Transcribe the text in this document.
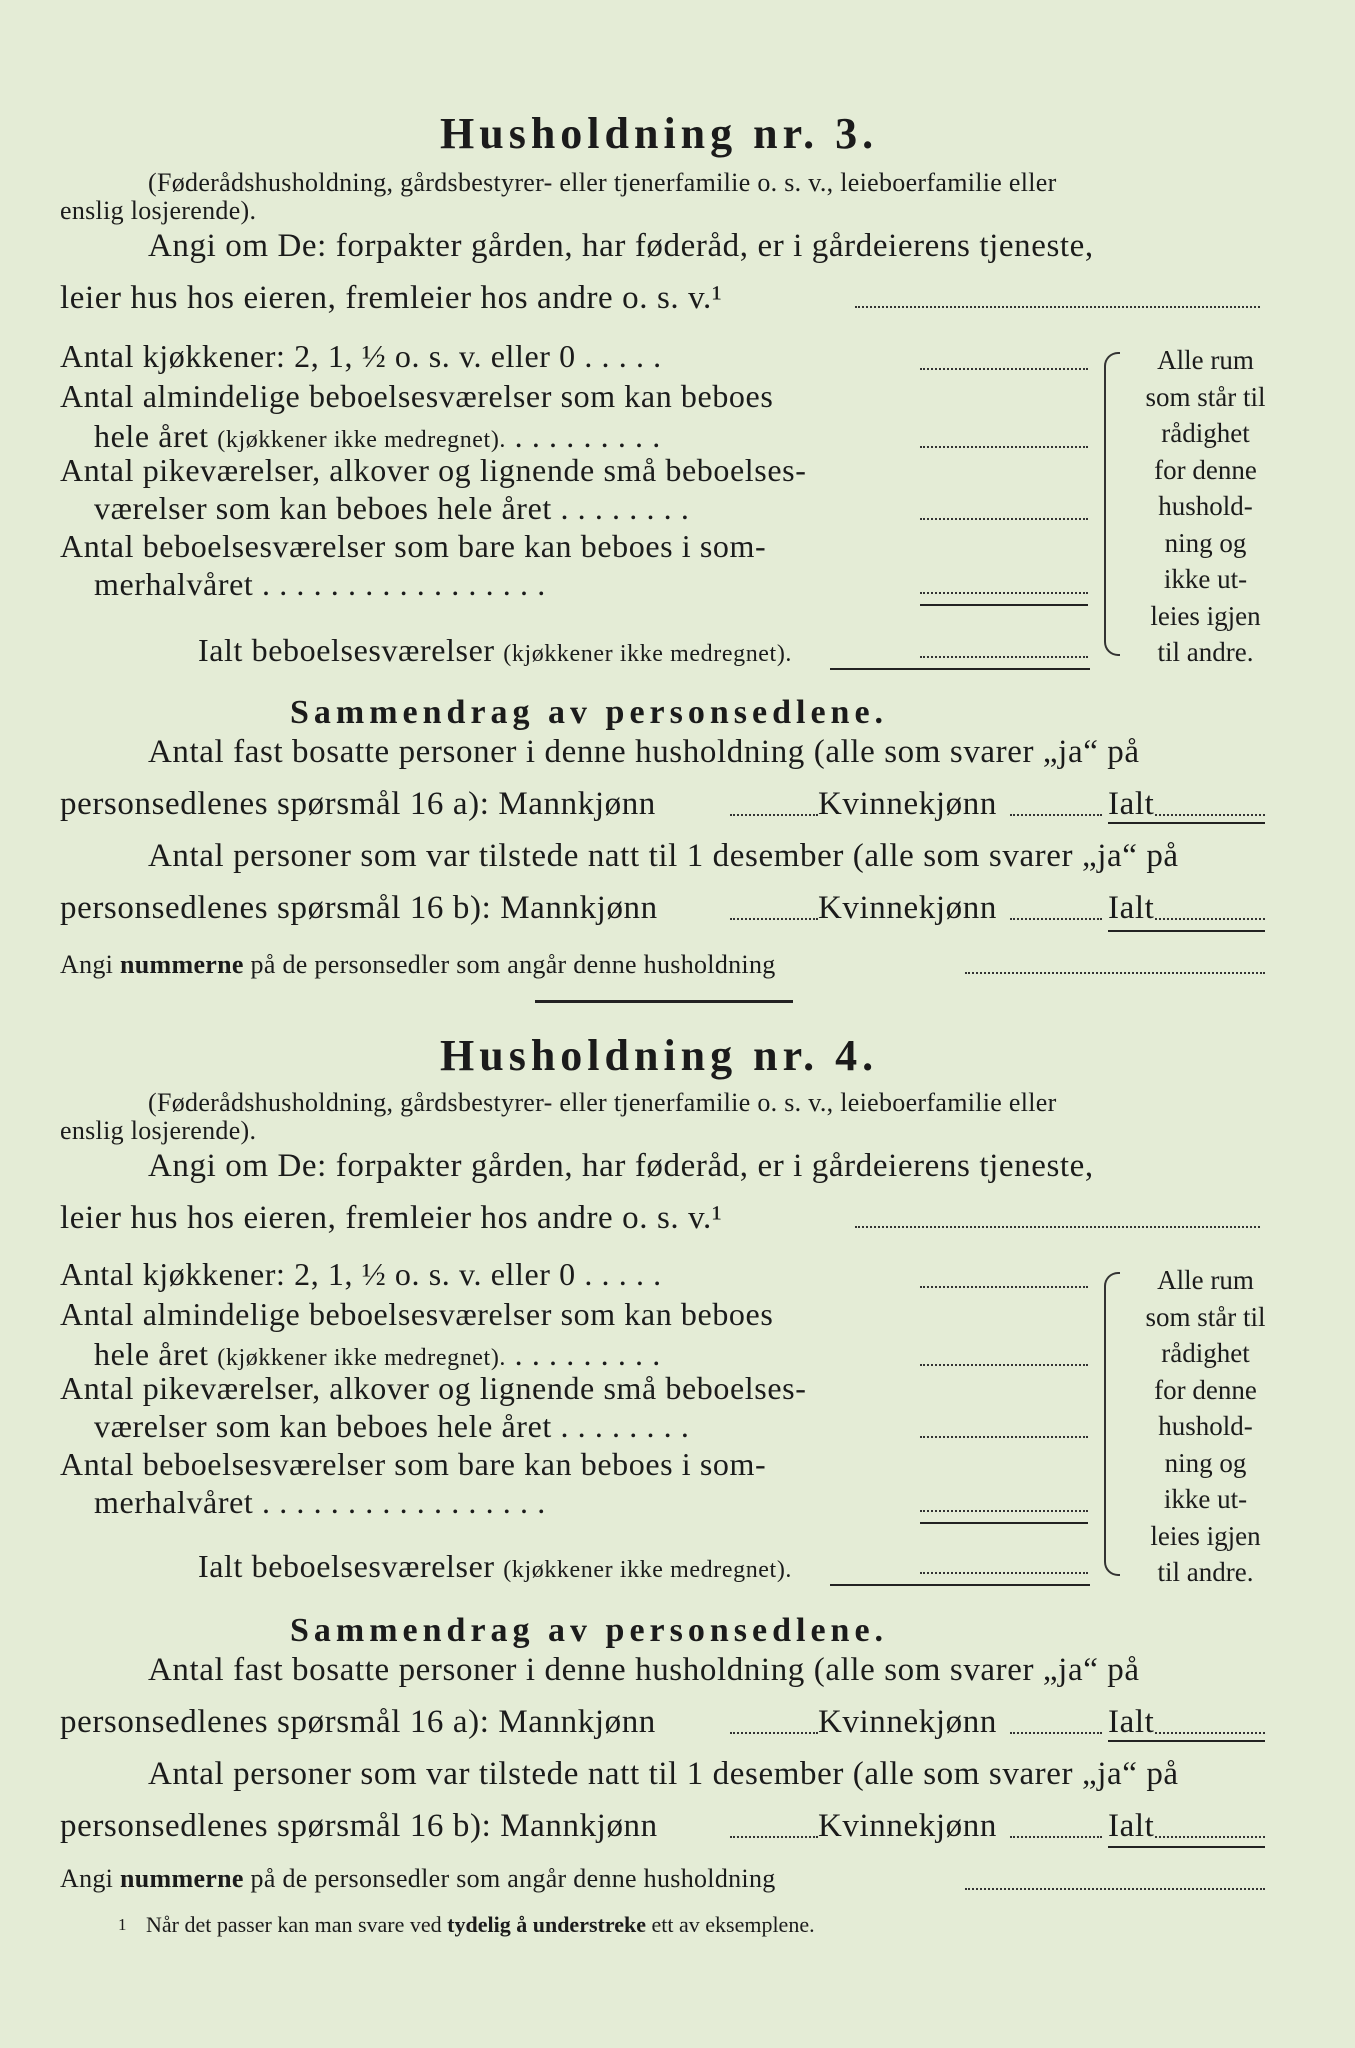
Husholdning nr. 3.
(Føderådshusholdning, gårdsbestyrer- eller tjenerfamilie o. s. v., leieboerfamilie eller
enslig losjerende).
Angi om De: forpakter gården, har føderåd, er i gårdeierens tjeneste,
leier hus hos eieren, fremleier hos andre o. s. v.¹
Antal kjøkkener: 2, 1, ½ o. s. v. eller 0 . . . . .
Antal almindelige beboelsesværelser som kan beboes
hele året (kjøkkener ikke medregnet). . . . . . . . . .
Antal pikeværelser, alkover og lignende små beboelses-
værelser som kan beboes hele året . . . . . . . .
Antal beboelsesværelser som bare kan beboes i som-
merhalvåret . . . . . . . . . . . . . . . . .
Ialt beboelsesværelser (kjøkkener ikke medregnet).
Alle rum
som står til
rådighet
for denne
hushold-
ning og
ikke ut-
leies igjen
til andre.
Sammendrag av personsedlene.
Antal fast bosatte personer i denne husholdning (alle som svarer „ja“ på
personsedlenes spørsmål 16 a): Mannkjønn	Kvinnekjønn	Ialt
Antal personer som var tilstede natt til 1 desember (alle som svarer „ja“ på
personsedlenes spørsmål 16 b): Mannkjønn	Kvinnekjønn	Ialt
Angi nummerne på de personsedler som angår denne husholdning
Husholdning nr. 4.
(Føderådshusholdning, gårdsbestyrer- eller tjenerfamilie o. s. v., leieboerfamilie eller
enslig losjerende).
Angi om De: forpakter gården, har føderåd, er i gårdeierens tjeneste,
leier hus hos eieren, fremleier hos andre o. s. v.¹
Antal kjøkkener: 2, 1, ½ o. s. v. eller 0 . . . . .
Antal almindelige beboelsesværelser som kan beboes
hele året (kjøkkener ikke medregnet). . . . . . . . . .
Antal pikeværelser, alkover og lignende små beboelses-
værelser som kan beboes hele året . . . . . . . .
Antal beboelsesværelser som bare kan beboes i som-
merhalvåret . . . . . . . . . . . . . . . . .
Ialt beboelsesværelser (kjøkkener ikke medregnet).
Alle rum
som står til
rådighet
for denne
hushold-
ning og
ikke ut-
leies igjen
til andre.
Sammendrag av personsedlene.
Antal fast bosatte personer i denne husholdning (alle som svarer „ja“ på
personsedlenes spørsmål 16 a): Mannkjønn	Kvinnekjønn	Ialt
Antal personer som var tilstede natt til 1 desember (alle som svarer „ja“ på
personsedlenes spørsmål 16 b): Mannkjønn	Kvinnekjønn	Ialt
Angi nummerne på de personsedler som angår denne husholdning
1 Når det passer kan man svare ved tydelig å understreke ett av eksemplene.
